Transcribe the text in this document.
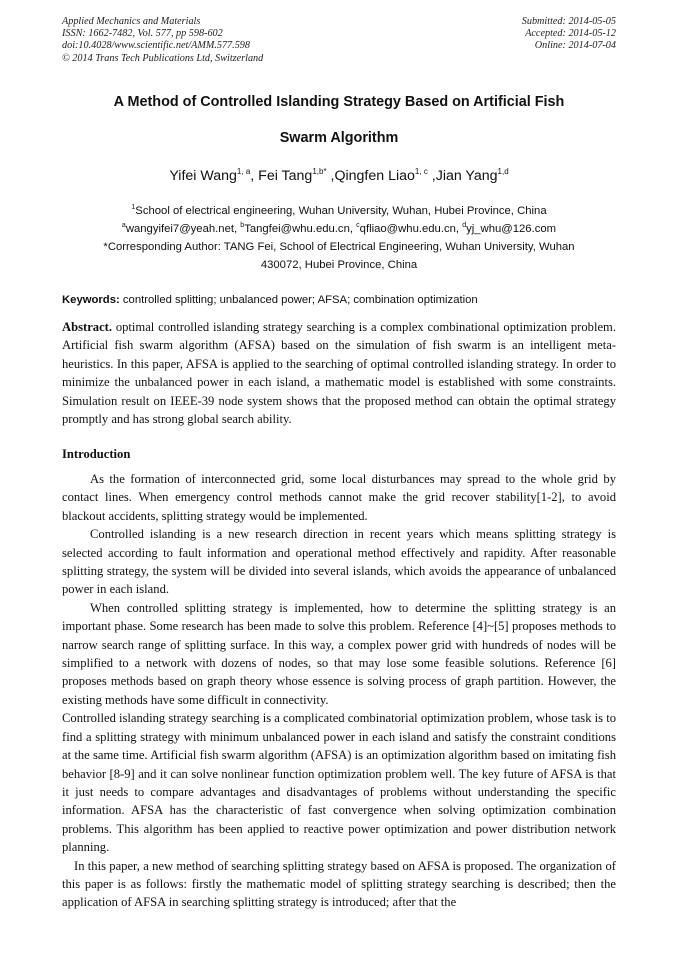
Applied Mechanics and Materials
ISSN: 1662-7482, Vol. 577, pp 598-602
doi:10.4028/www.scientific.net/AMM.577.598
© 2014 Trans Tech Publications Ltd, Switzerland
Submitted: 2014-05-05
Accepted: 2014-05-12
Online: 2014-07-04
A Method of Controlled Islanding Strategy Based on Artificial Fish
Swarm Algorithm
Yifei Wang$^{1, a}$, Fei Tang$^{1,b*}$ ,Qingfen Liao$^{1, c}$ ,Jian Yang$^{1,d}$
$^1$School of electrical engineering, Wuhan University, Wuhan, Hubei Province, China
$^a$wangyifei7@yeah.net, $^b$Tangfei@whu.edu.cn, $^c$qfliao@whu.edu.cn, $^d$yj_whu@126.com
*Corresponding Author: TANG Fei, School of Electrical Engineering, Wuhan University, Wuhan
430072, Hubei Province, China
Keywords: controlled splitting; unbalanced power; AFSA; combination optimization
Abstract. optimal controlled islanding strategy searching is a complex combinational optimization problem. Artificial fish swarm algorithm (AFSA) based on the simulation of fish swarm is an intelligent meta-heuristics. In this paper, AFSA is applied to the searching of optimal controlled islanding strategy. In order to minimize the unbalanced power in each island, a mathematic model is established with some constraints. Simulation result on IEEE-39 node system shows that the proposed method can obtain the optimal strategy promptly and has strong global search ability.
Introduction

As the formation of interconnected grid, some local disturbances may spread to the whole grid by contact lines. When emergency control methods cannot make the grid recover stability[1-2], to avoid blackout accidents, splitting strategy would be implemented.

Controlled islanding is a new research direction in recent years which means splitting strategy is selected according to fault information and operational method effectively and rapidity. After reasonable splitting strategy, the system will be divided into several islands, which avoids the appearance of unbalanced power in each island.

When controlled splitting strategy is implemented, how to determine the splitting strategy is an important phase. Some research has been made to solve this problem. Reference [4]~[5] proposes methods to narrow search range of splitting surface. In this way, a complex power grid with hundreds of nodes will be simplified to a network with dozens of nodes, so that may lose some feasible solutions. Reference [6] proposes methods based on graph theory whose essence is solving process of graph partition. However, the existing methods have some difficult in connectivity.

Controlled islanding strategy searching is a complicated combinatorial optimization problem, whose task is to find a splitting strategy with minimum unbalanced power in each island and satisfy the constraint conditions at the same time. Artificial fish swarm algorithm (AFSA) is an optimization algorithm based on imitating fish behavior [8-9] and it can solve nonlinear function optimization problem well. The key future of AFSA is that it just needs to compare advantages and disadvantages of problems without understanding the specific information. AFSA has the characteristic of fast convergence when solving optimization combination problems. This algorithm has been applied to reactive power optimization and power distribution network planning.

In this paper, a new method of searching splitting strategy based on AFSA is proposed. The organization of this paper is as follows: firstly the mathematic model of splitting strategy searching is described; then the application of AFSA in searching splitting strategy is introduced; after that the
